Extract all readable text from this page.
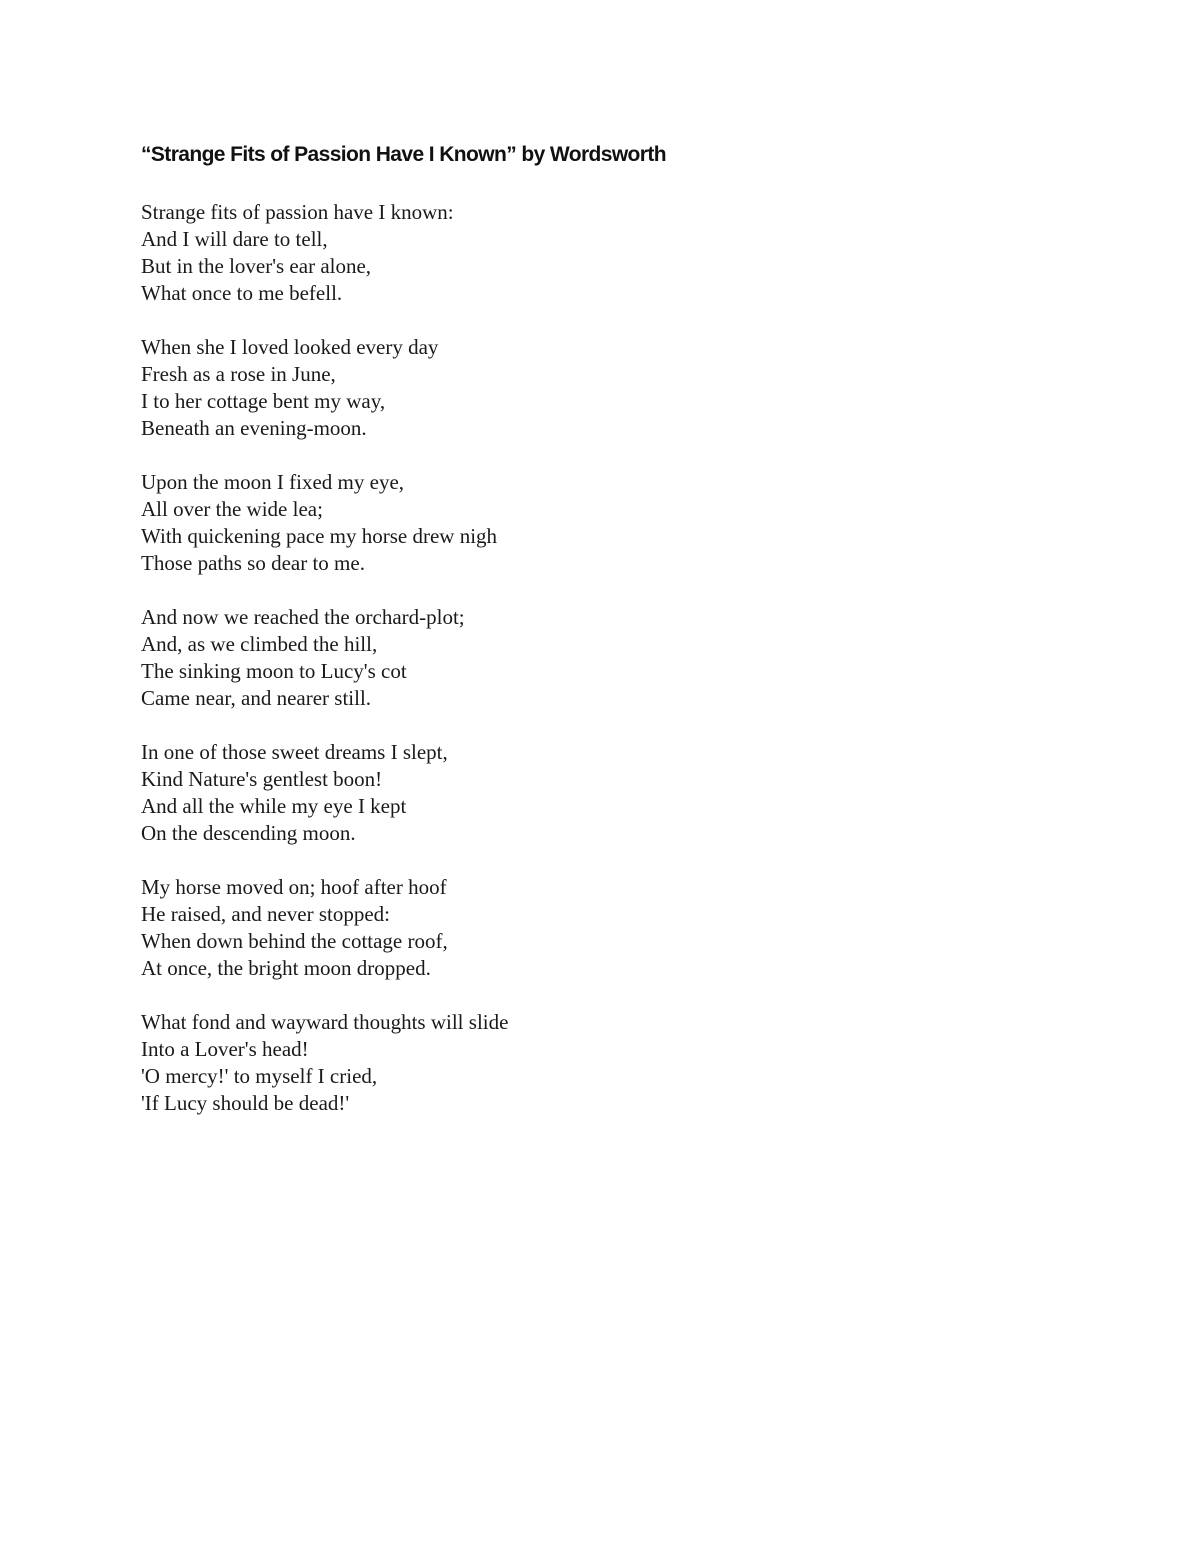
“Strange Fits of Passion Have I Known” by Wordsworth
Strange fits of passion have I known:
And I will dare to tell,
But in the lover's ear alone,
What once to me befell.
When she I loved looked every day
Fresh as a rose in June,
I to her cottage bent my way,
Beneath an evening-moon.
Upon the moon I fixed my eye,
All over the wide lea;
With quickening pace my horse drew nigh
Those paths so dear to me.
And now we reached the orchard-plot;
And, as we climbed the hill,
The sinking moon to Lucy's cot
Came near, and nearer still.
In one of those sweet dreams I slept,
Kind Nature's gentlest boon!
And all the while my eye I kept
On the descending moon.
My horse moved on; hoof after hoof
He raised, and never stopped:
When down behind the cottage roof,
At once, the bright moon dropped.
What fond and wayward thoughts will slide
Into a Lover's head!
'O mercy!' to myself I cried,
'If Lucy should be dead!'
